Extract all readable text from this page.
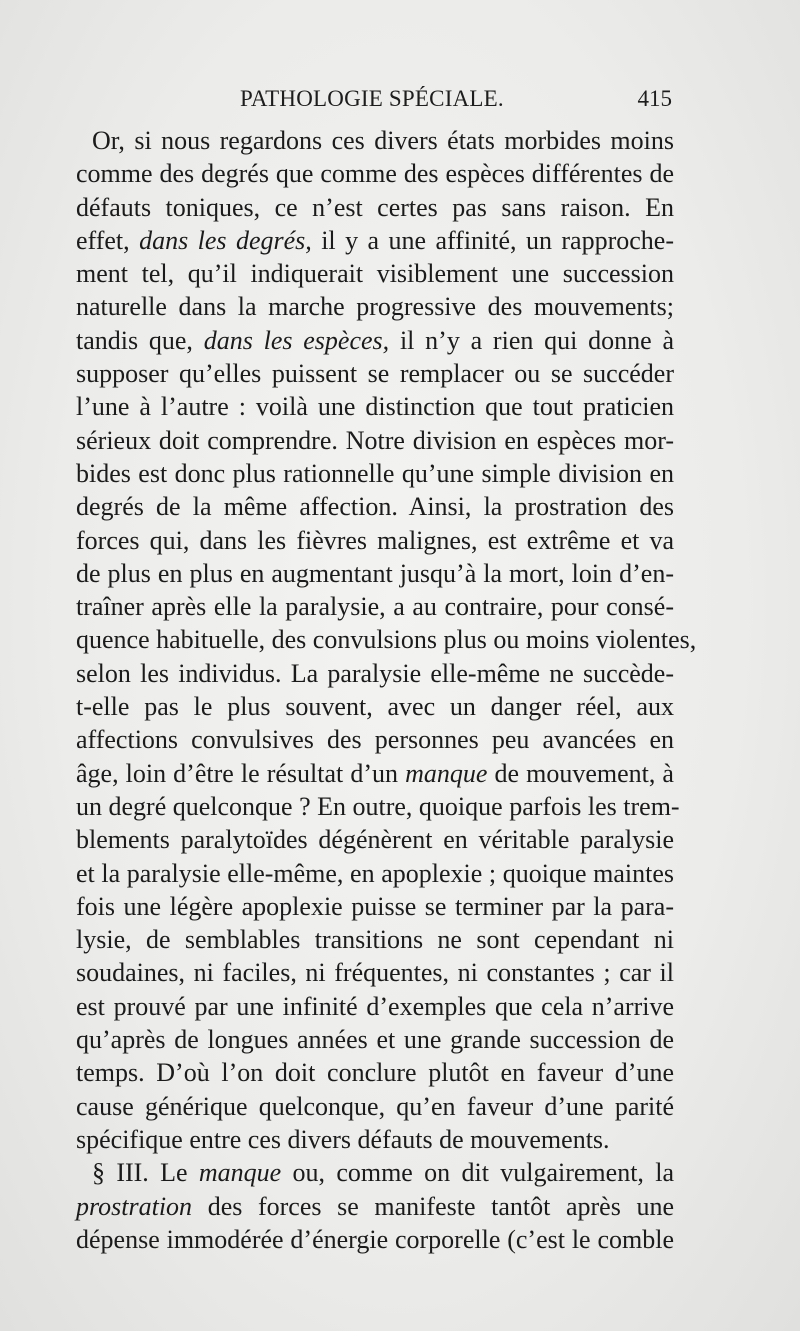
PATHOLOGIE SPÉCIALE.	415
Or, si nous regardons ces divers états morbides moins
comme des degrés que comme des espèces différentes de
défauts toniques, ce n’est certes pas sans raison. En
effet, dans les degrés, il y a une affinité, un rapproche-
ment tel, qu’il indiquerait visiblement une succession
naturelle dans la marche progressive des mouvements;
tandis que, dans les espèces, il n’y a rien qui donne à
supposer qu’elles puissent se remplacer ou se succéder
l’une à l’autre : voilà une distinction que tout praticien
sérieux doit comprendre. Notre division en espèces mor-
bides est donc plus rationnelle qu’une simple division en
degrés de la même affection. Ainsi, la prostration des
forces qui, dans les fièvres malignes, est extrême et va
de plus en plus en augmentant jusqu’à la mort, loin d’en-
traîner après elle la paralysie, a au contraire, pour consé-
quence habituelle, des convulsions plus ou moins violentes,
selon les individus. La paralysie elle-même ne succède-
t-elle pas le plus souvent, avec un danger réel, aux
affections convulsives des personnes peu avancées en
âge, loin d’être le résultat d’un manque de mouvement, à
un degré quelconque ? En outre, quoique parfois les trem-
blements paralytoïdes dégénèrent en véritable paralysie
et la paralysie elle-même, en apoplexie ; quoique maintes
fois une légère apoplexie puisse se terminer par la para-
lysie, de semblables transitions ne sont cependant ni
soudaines, ni faciles, ni fréquentes, ni constantes ; car il
est prouvé par une infinité d’exemples que cela n’arrive
qu’après de longues années et une grande succession de
temps. D’où l’on doit conclure plutôt en faveur d’une
cause générique quelconque, qu’en faveur d’une parité
spécifique entre ces divers défauts de mouvements.
§ III. Le manque ou, comme on dit vulgairement, la
prostration des forces se manifeste tantôt après une
dépense immodérée d’énergie corporelle (c’est le comble
